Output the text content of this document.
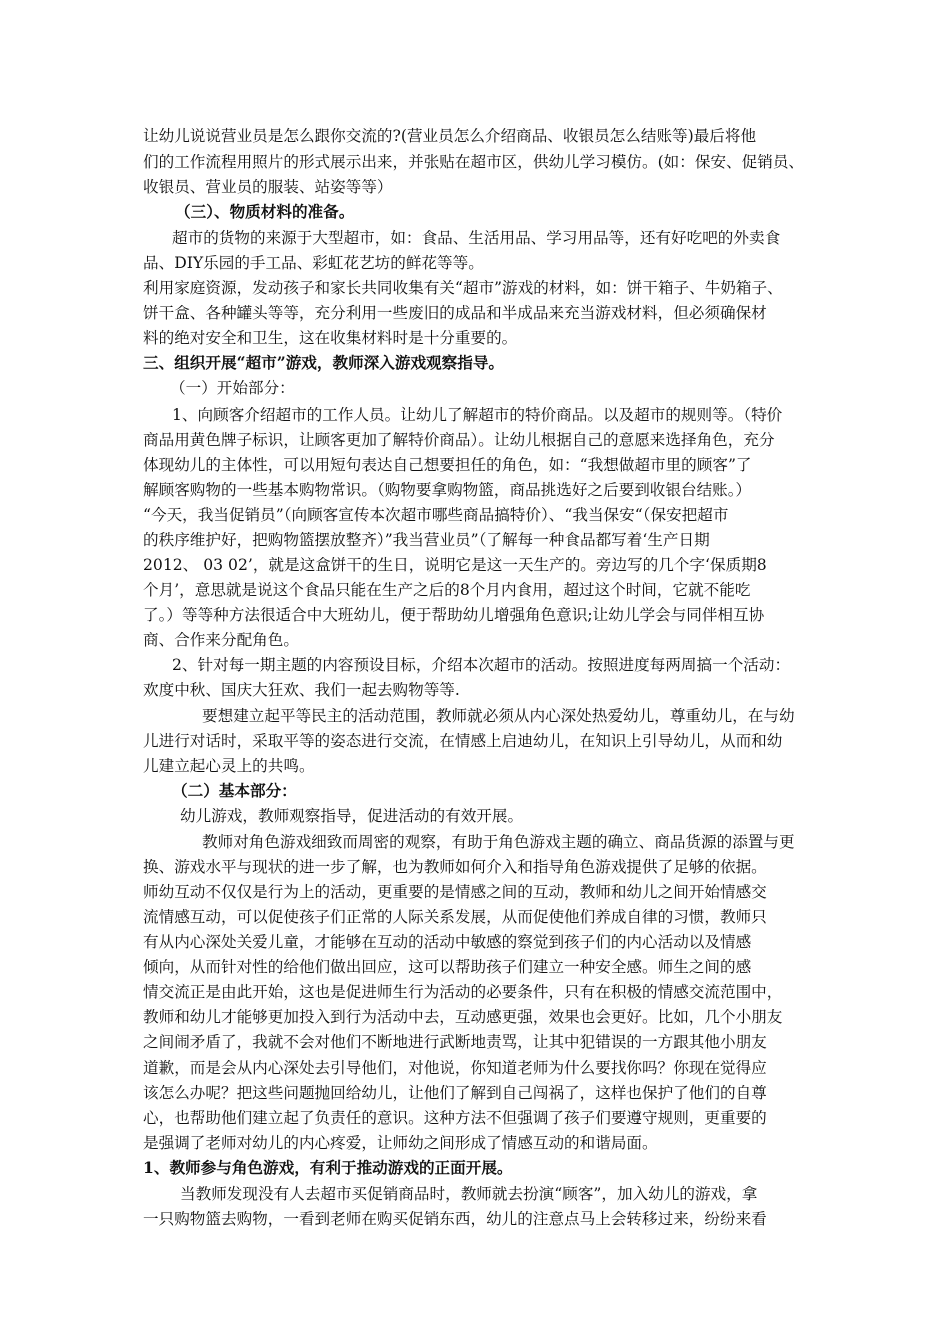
让幼儿说说营业员是怎么跟你交流的?(营业员怎么介绍商品、收银员怎么结账等)最后将他
们的工作流程用照片的形式展示出来，并张贴在超市区，供幼儿学习模仿。(如：保安、促销员、
收银员、营业员的服装、站姿等等）
（三）、物质材料的准备。
超市的货物的来源于大型超市，如：食品、生活用品、学习用品等，还有好吃吧的外卖食
品、DIY乐园的手工品、彩虹花艺坊的鲜花等等。
利用家庭资源，发动孩子和家长共同收集有关“超市”游戏的材料，如：饼干箱子、牛奶箱子、
饼干盒、各种罐头等等，充分利用一些废旧的成品和半成品来充当游戏材料，但必须确保材
料的绝对安全和卫生，这在收集材料时是十分重要的。
三、组织开展“超市”游戏，教师深入游戏观察指导。
（一）开始部分：
1、向顾客介绍超市的工作人员。让幼儿了解超市的特价商品。以及超市的规则等。（特价
商品用黄色牌子标识，让顾客更加了解特价商品）。让幼儿根据自己的意愿来选择角色，充分
体现幼儿的主体性，可以用短句表达自己想要担任的角色，如：“我想做超市里的顾客”了
解顾客购物的一些基本购物常识。（购物要拿购物篮，商品挑选好之后要到收银台结账。）
“今天，我当促销员”（向顾客宣传本次超市哪些商品搞特价）、“我当保安“（保安把超市
的秩序维护好，把购物篮摆放整齐）”我当营业员”（了解每一种食品都写着‘生产日期
2012、 03 02’，就是这盒饼干的生日，说明它是这一天生产的。旁边写的几个字‘保质期8
个月’，意思就是说这个食品只能在生产之后的8个月内食用，超过这个时间，它就不能吃
了。）等等种方法很适合中大班幼儿，便于帮助幼儿增强角色意识;让幼儿学会与同伴相互协
商、合作来分配角色。
2、针对每一期主题的内容预设目标，介绍本次超市的活动。按照进度每两周搞一个活动：
欢度中秋、国庆大狂欢、我们一起去购物等等.
要想建立起平等民主的活动范围，教师就必须从内心深处热爱幼儿，尊重幼儿，在与幼
儿进行对话时，采取平等的姿态进行交流，在情感上启迪幼儿，在知识上引导幼儿，从而和幼
儿建立起心灵上的共鸣。
（二）基本部分：
幼儿游戏，教师观察指导，促进活动的有效开展。
教师对角色游戏细致而周密的观察，有助于角色游戏主题的确立、商品货源的添置与更
换、游戏水平与现状的进一步了解，也为教师如何介入和指导角色游戏提供了足够的依据。
师幼互动不仅仅是行为上的活动，更重要的是情感之间的互动，教师和幼儿之间开始情感交
流情感互动，可以促使孩子们正常的人际关系发展，从而促使他们养成自律的习惯，教师只
有从内心深处关爱儿童，才能够在互动的活动中敏感的察觉到孩子们的内心活动以及情感
倾向，从而针对性的给他们做出回应，这可以帮助孩子们建立一种安全感。师生之间的感
情交流正是由此开始，这也是促进师生行为活动的必要条件，只有在积极的情感交流范围中，
教师和幼儿才能够更加投入到行为活动中去，互动感更强，效果也会更好。比如，几个小朋友
之间闹矛盾了，我就不会对他们不断地进行武断地责骂，让其中犯错误的一方跟其他小朋友
道歉，而是会从内心深处去引导他们，对他说，你知道老师为什么要找你吗？你现在觉得应
该怎么办呢？把这些问题抛回给幼儿，让他们了解到自己闯祸了，这样也保护了他们的自尊
心，也帮助他们建立起了负责任的意识。这种方法不但强调了孩子们要遵守规则，更重要的
是强调了老师对幼儿的内心疼爱，让师幼之间形成了情感互动的和谐局面。
1、教师参与角色游戏，有利于推动游戏的正面开展。
当教师发现没有人去超市买促销商品时，教师就去扮演“顾客”，加入幼儿的游戏，拿
一只购物篮去购物，一看到老师在购买促销东西，幼儿的注意点马上会转移过来，纷纷来看
